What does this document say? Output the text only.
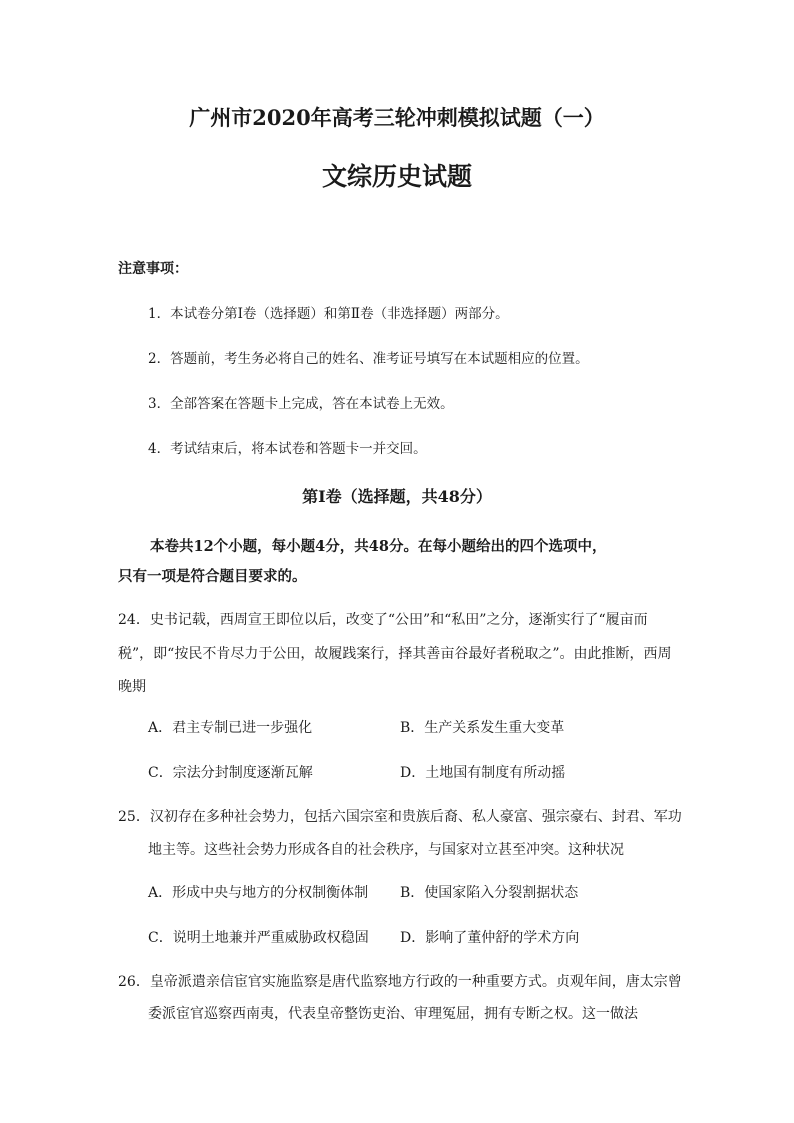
广州市2020年高考三轮冲刺模拟试题（一）
文综历史试题
注意事项：
1．本试卷分第Ⅰ卷（选择题）和第Ⅱ卷（非选择题）两部分。
2．答题前，考生务必将自己的姓名、准考证号填写在本试题相应的位置。
3．全部答案在答题卡上完成，答在本试卷上无效。
4．考试结束后，将本试卷和答题卡一并交回。
第Ⅰ卷（选择题，共48分）
本卷共12个小题，每小题4分，共48分。在每小题给出的四个选项中，
只有一项是符合题目要求的。
24．史书记载，西周宣王即位以后，改变了“公田”和“私田”之分，逐渐实行了“履亩而
税”，即“按民不肯尽力于公田，故履践案行，择其善亩谷最好者税取之”。由此推断，西周
晚期
A．君主专制已进一步强化	B．生产关系发生重大变革
C．宗法分封制度逐渐瓦解	D．土地国有制度有所动摇
25．汉初存在多种社会势力，包括六国宗室和贵族后裔、私人豪富、强宗豪右、封君、军功
地主等。这些社会势力形成各自的社会秩序，与国家对立甚至冲突。这种状况
A．形成中央与地方的分权制衡体制 B．使国家陷入分裂割据状态
C．说明土地兼并严重威胁政权稳固 D．影响了董仲舒的学术方向
26．皇帝派遣亲信宦官实施监察是唐代监察地方行政的一种重要方式。贞观年间，唐太宗曾
委派宦官巡察西南夷，代表皇帝整饬吏治、审理冤屈，拥有专断之权。这一做法
